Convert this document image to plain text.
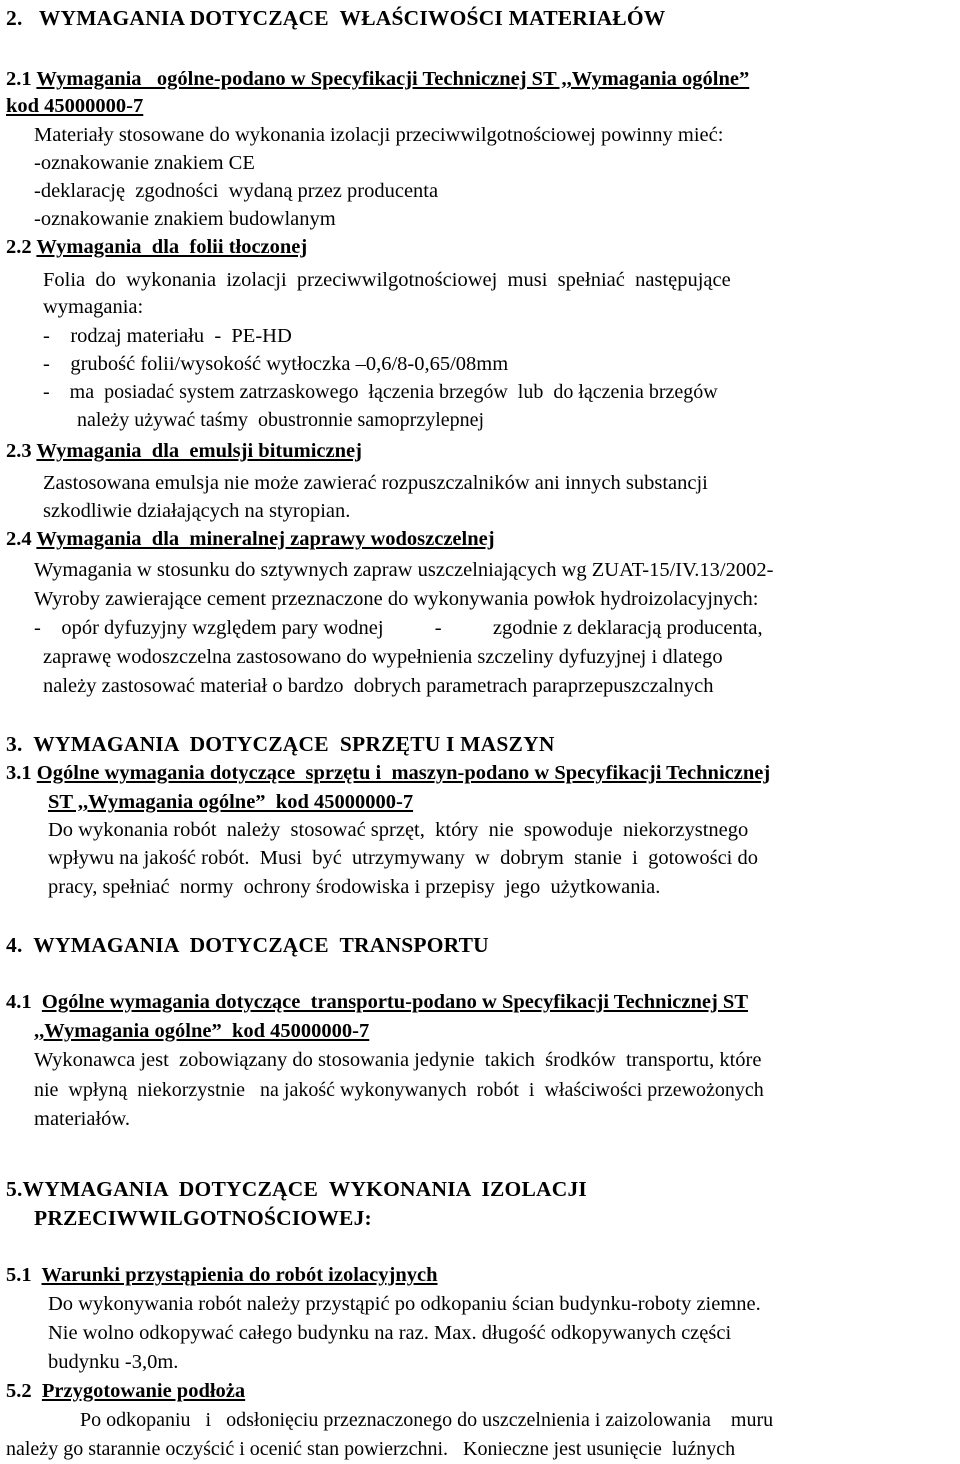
2.   WYMAGANIA DOTYCZĄCE  WŁAŚCIWOŚCI MATERIAŁÓW
2.1 Wymagania   ogólne-podano w Specyfikacji Technicznej ST ,,Wymagania ogólne”
kod 45000000-7
Materiały stosowane do wykonania izolacji przeciwwilgotnościowej powinny mieć:
-oznakowanie znakiem CE
-deklarację  zgodności  wydaną przez producenta
-oznakowanie znakiem budowlanym
2.2 Wymagania  dla  folii tłoczonej
Folia  do  wykonania  izolacji  przeciwwilgotnościowej  musi  spełniać  następujące
wymagania:
-    rodzaj materiału  -  PE-HD
-    grubość folii/wysokość wytłoczka –0,6/8-0,65/08mm
-    ma  posiadać system zatrzaskowego  łączenia brzegów  lub  do łączenia brzegów
należy używać taśmy  obustronnie samoprzylepnej
2.3 Wymagania  dla  emulsji bitumicznej
Zastosowana emulsja nie może zawierać rozpuszczalników ani innych substancji
szkodliwie działających na styropian.
2.4 Wymagania  dla  mineralnej zaprawy wodoszczelnej
Wymagania w stosunku do sztywnych zapraw uszczelniających wg ZUAT-15/IV.13/2002-
Wyroby zawierające cement przeznaczone do wykonywania powłok hydroizolacyjnych:
-    opór dyfuzyjny względem pary wodnej          -          zgodnie z deklaracją producenta,
zaprawę wodoszczelna zastosowano do wypełnienia szczeliny dyfuzyjnej i dlatego
należy zastosować materiał o bardzo  dobrych parametrach paraprzepuszczalnych
3.  WYMAGANIA  DOTYCZĄCE  SPRZĘTU I MASZYN
3.1 Ogólne wymagania dotyczące  sprzętu i  maszyn-podano w Specyfikacji Technicznej
ST ,,Wymagania ogólne”  kod 45000000-7
Do wykonania robót  należy  stosować sprzęt,  który  nie  spowoduje  niekorzystnego
wpływu na jakość robót.  Musi  być  utrzymywany  w  dobrym  stanie  i  gotowości do
pracy, spełniać  normy  ochrony środowiska i przepisy  jego  użytkowania.
4.  WYMAGANIA  DOTYCZĄCE  TRANSPORTU
4.1  Ogólne wymagania dotyczące  transportu-podano w Specyfikacji Technicznej ST
,,Wymagania ogólne”  kod 45000000-7
Wykonawca jest  zobowiązany do stosowania jedynie  takich  środków  transportu, które
nie  wpłyną  niekorzystnie   na jakość wykonywanych  robót  i  właściwości przewożonych
materiałów.
5.WYMAGANIA  DOTYCZĄCE  WYKONANIA  IZOLACJI
PRZECIWWILGOTNOŚCIOWEJ:
5.1  Warunki przystąpienia do robót izolacyjnych
Do wykonywania robót należy przystąpić po odkopaniu ścian budynku-roboty ziemne.
Nie wolno odkopywać całego budynku na raz. Max. długość odkopywanych części
budynku -3,0m.
5.2  Przygotowanie podłoża
Po odkopaniu   i   odsłonięciu przeznaczonego do uszczelnienia i zaizolowania    muru
należy go starannie oczyścić i ocenić stan powierzchni.   Konieczne jest usunięcie  luźnych
